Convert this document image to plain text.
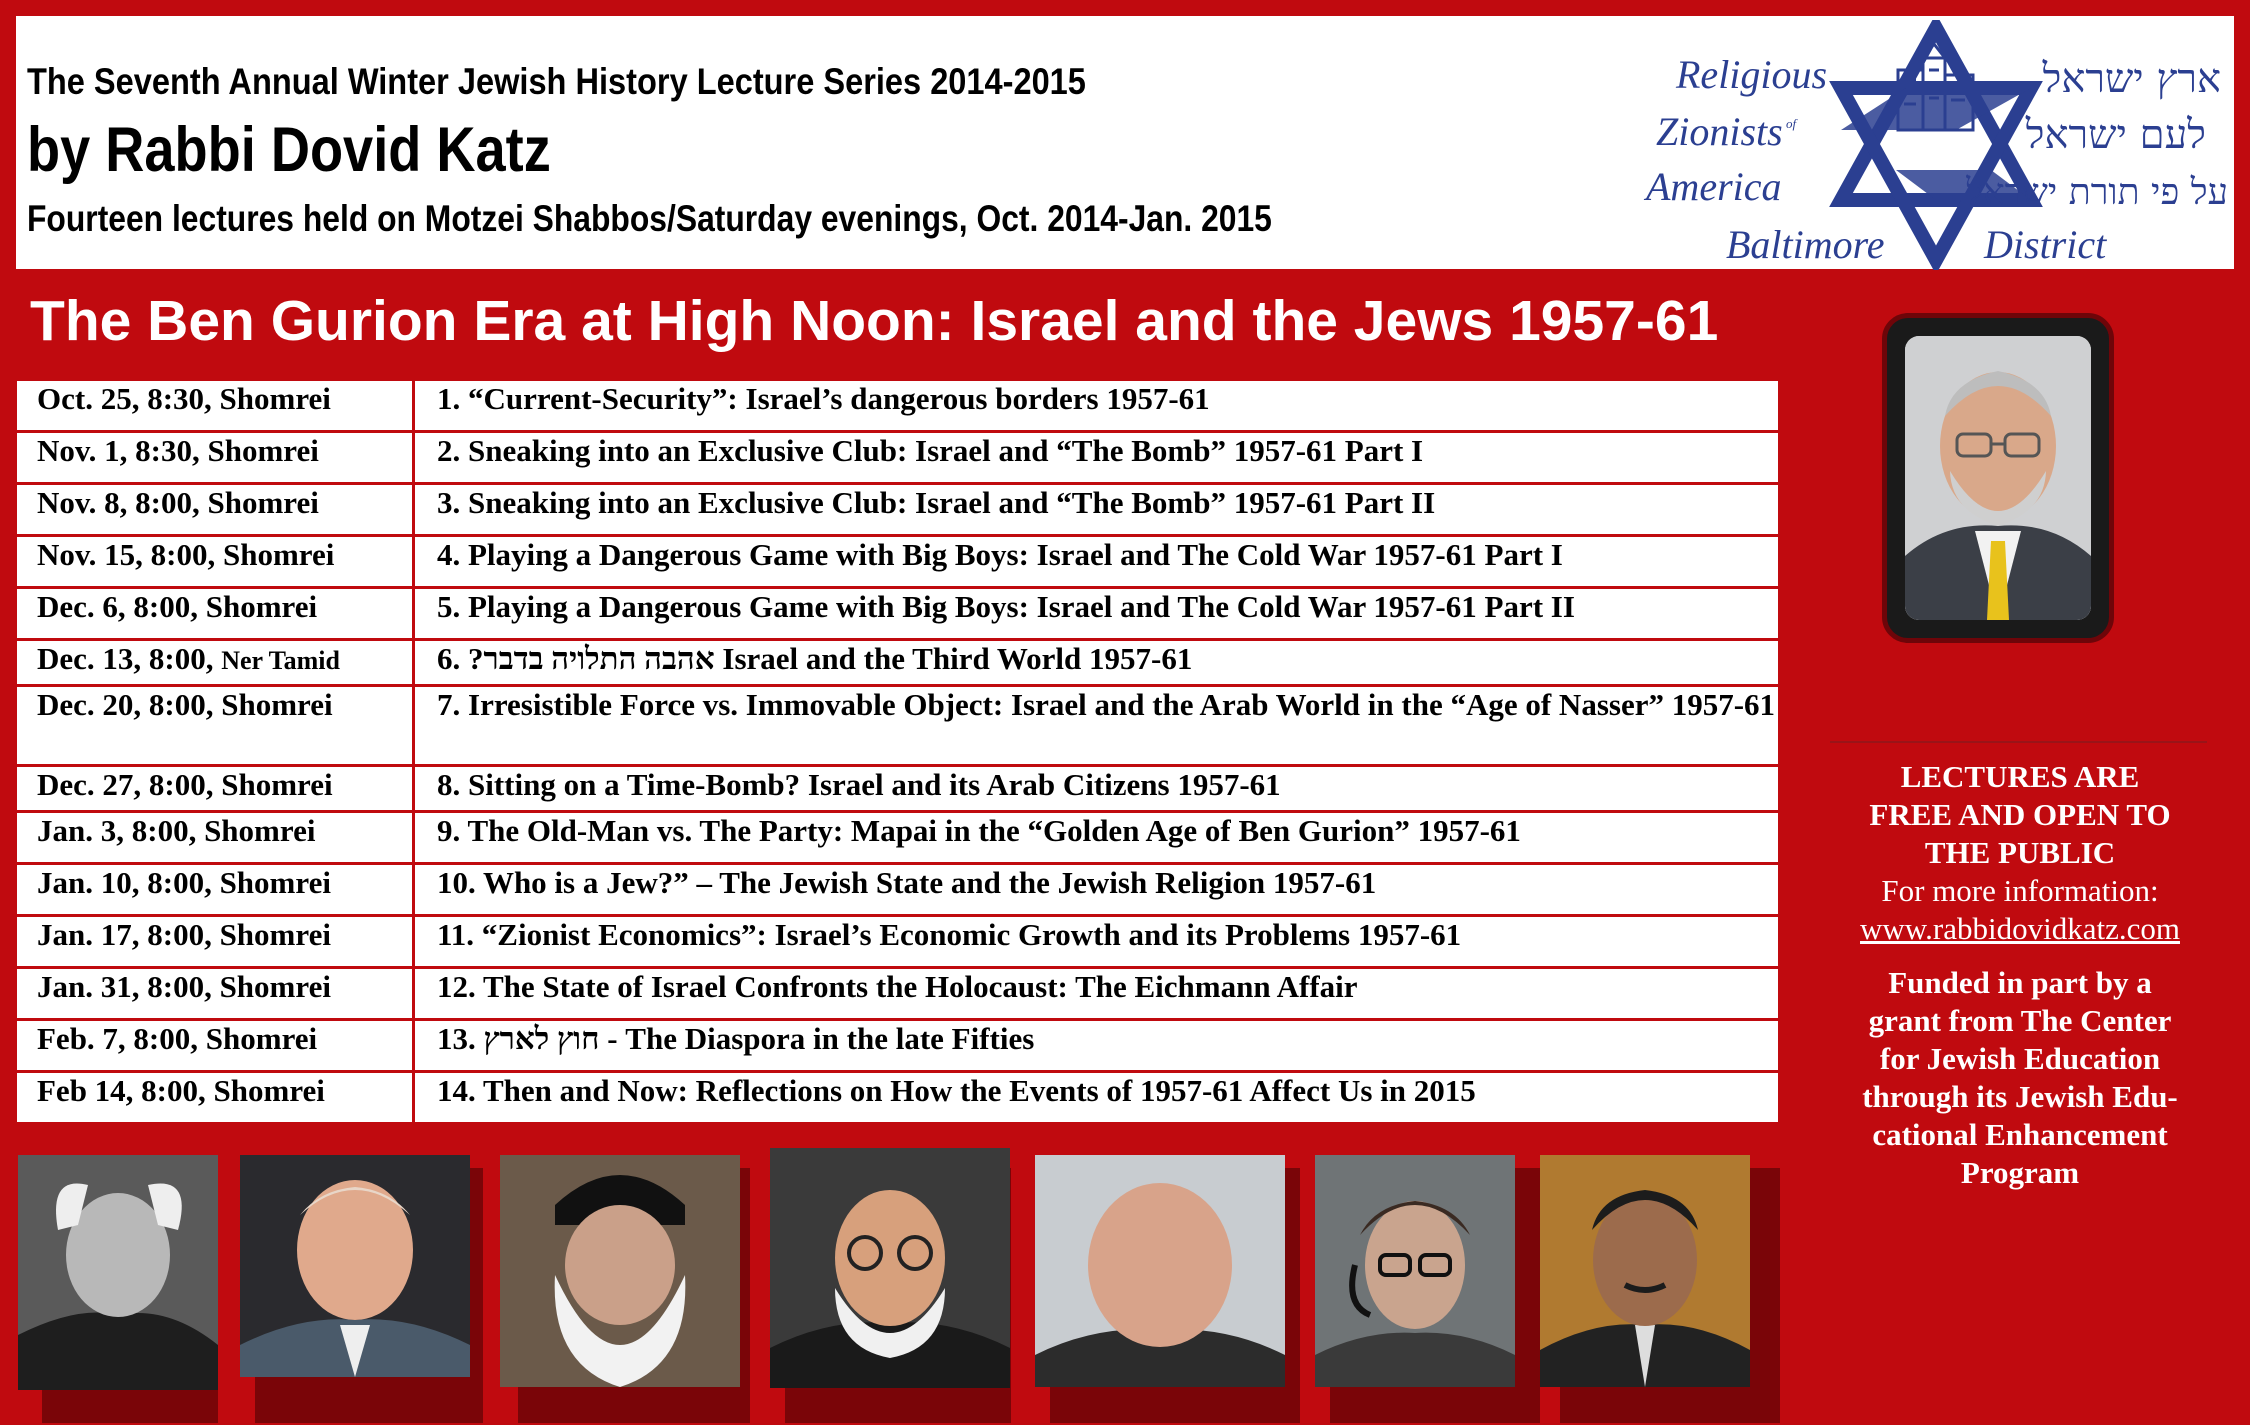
The Seventh Annual Winter Jewish History Lecture Series 2014-2015
by Rabbi Dovid Katz
Fourteen lectures held on Motzei Shabbos/Saturday evenings, Oct. 2014-Jan. 2015
Religious
Zionists of
America
Baltimore District
ארץ ישראל
לעם ישראל
על פי תורת ישראל
The Ben Gurion Era at High Noon: Israel and the Jews 1957-61
Oct. 25, 8:30, Shomrei	1. “Current-Security”: Israel’s dangerous borders 1957-61
Nov. 1, 8:30, Shomrei	2. Sneaking into an Exclusive Club: Israel and “The Bomb” 1957-61 Part I
Nov. 8, 8:00, Shomrei	3. Sneaking into an Exclusive Club: Israel and “The Bomb” 1957-61 Part II
Nov. 15, 8:00, Shomrei	4. Playing a Dangerous Game with Big Boys: Israel and The Cold War 1957-61 Part I
Dec. 6, 8:00, Shomrei	5. Playing a Dangerous Game with Big Boys: Israel and The Cold War 1957-61 Part II
Dec. 13, 8:00, Ner Tamid	6. ?אהבה התלויה בדבר Israel and the Third World 1957-61
Dec. 20, 8:00, Shomrei	7. Irresistible Force vs. Immovable Object: Israel and the Arab World in the “Age of Nasser” 1957-61
Dec. 27, 8:00, Shomrei	8. Sitting on a Time-Bomb? Israel and its Arab Citizens 1957-61
Jan. 3, 8:00, Shomrei	9. The Old-Man vs. The Party: Mapai in the “Golden Age of Ben Gurion” 1957-61
Jan. 10, 8:00, Shomrei	10. Who is a Jew?” – The Jewish State and the Jewish Religion 1957-61
Jan. 17, 8:00, Shomrei	11. “Zionist Economics”: Israel’s Economic Growth and its Problems 1957-61
Jan. 31, 8:00, Shomrei	12. The State of Israel Confronts the Holocaust: The Eichmann Affair
Feb. 7, 8:00, Shomrei	13. חוץ לארץ - The Diaspora in the late Fifties
Feb 14, 8:00, Shomrei	14. Then and Now: Reflections on How the Events of 1957-61 Affect Us in 2015
LECTURES ARE
FREE AND OPEN TO
THE PUBLIC
For more information:
www.rabbidovidkatz.com
Funded in part by a
grant from The Center
for Jewish Education
through its Jewish Edu-
cational Enhancement
Program
